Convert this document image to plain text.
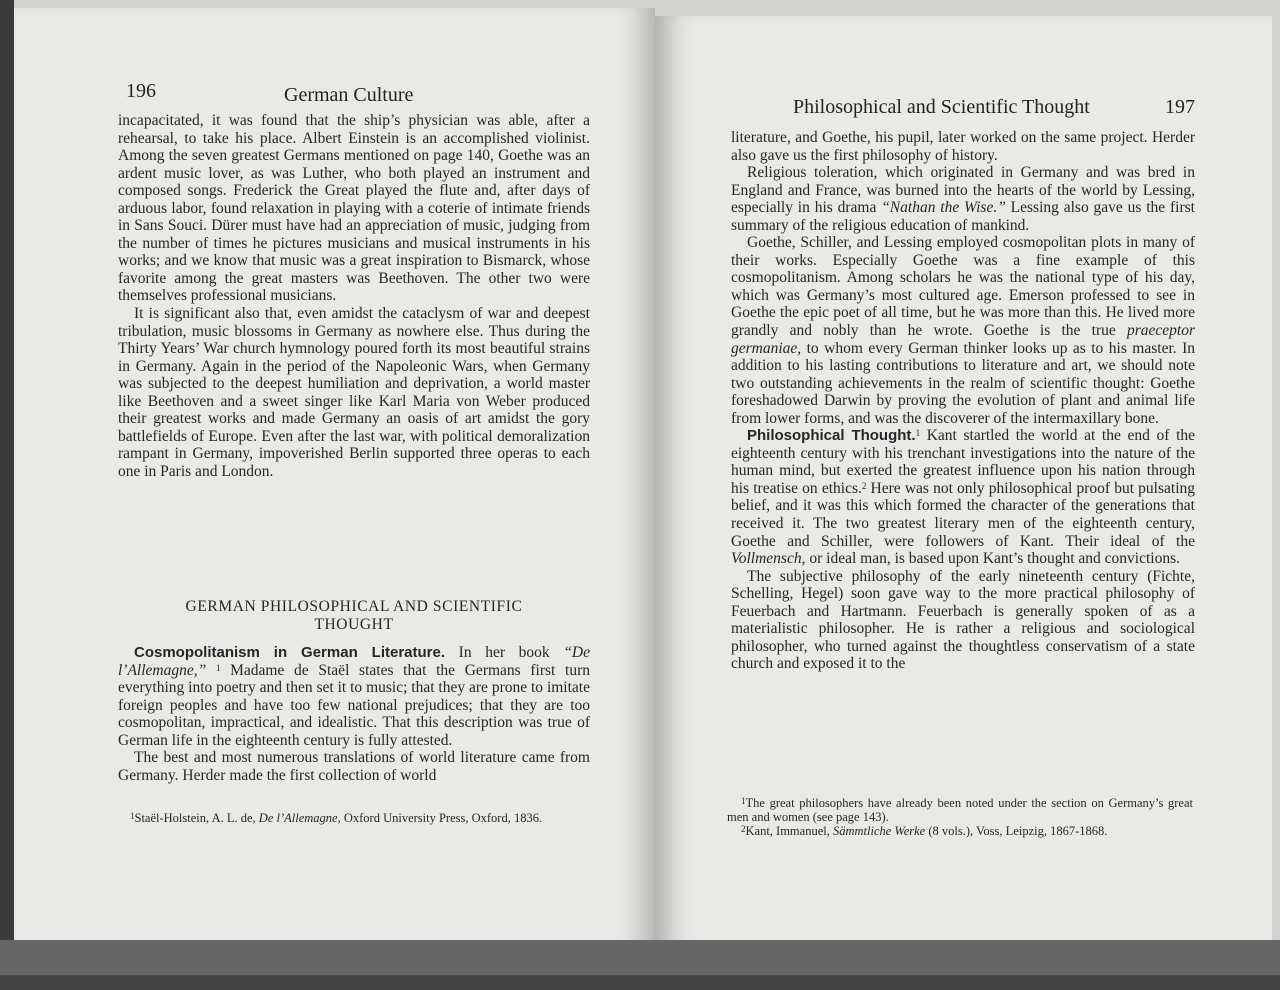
196	German Culture

incapacitated, it was found that the ship’s physician was able, after a rehearsal, to take his place. Albert Einstein is an accomplished violinist. Among the seven greatest Germans mentioned on page 140, Goethe was an ardent music lover, as was Luther, who both played an instrument and composed songs. Frederick the Great played the flute and, after days of arduous labor, found relaxation in playing with a coterie of intimate friends in Sans Souci. Dürer must have had an appreciation of music, judging from the number of times he pictures musicians and musical instruments in his works; and we know that music was a great inspiration to Bismarck, whose favorite among the great masters was Beethoven. The other two were themselves professional musicians.

It is significant also that, even amidst the cataclysm of war and deepest tribulation, music blossoms in Germany as nowhere else. Thus during the Thirty Years’ War church hymnology poured forth its most beautiful strains in Germany. Again in the period of the Napoleonic Wars, when Germany was subjected to the deepest humiliation and deprivation, a world master like Beethoven and a sweet singer like Karl Maria von Weber produced their greatest works and made Germany an oasis of art amidst the gory battlefields of Europe. Even after the last war, with political demoralization rampant in Germany, impoverished Berlin supported three operas to each one in Paris and London.

GERMAN PHILOSOPHICAL AND SCIENTIFIC
THOUGHT

Cosmopolitanism in German Literature. In her book “De l’Allemagne,” $^1$ Madame de Staël states that the Germans first turn everything into poetry and then set it to music; that they are prone to imitate foreign peoples and have too few national prejudices; that they are too cosmopolitan, impractical, and idealistic. That this description was true of German life in the eighteenth century is fully attested.

The best and most numerous translations of world literature came from Germany. Herder made the first collection of world

$^1$Staël-Holstein, A. L. de, De l’Allemagne, Oxford University Press, Oxford, 1836.

Philosophical and Scientific Thought	197

literature, and Goethe, his pupil, later worked on the same project. Herder also gave us the first philosophy of history.

Religious toleration, which originated in Germany and was bred in England and France, was burned into the hearts of the world by Lessing, especially in his drama “Nathan the Wise.” Lessing also gave us the first summary of the religious education of mankind.

Goethe, Schiller, and Lessing employed cosmopolitan plots in many of their works. Especially Goethe was a fine example of this cosmopolitanism. Among scholars he was the national type of his day, which was Germany’s most cultured age. Emerson professed to see in Goethe the epic poet of all time, but he was more than this. He lived more grandly and nobly than he wrote. Goethe is the true praeceptor germaniae, to whom every German thinker looks up as to his master. In addition to his lasting contributions to literature and art, we should note two outstanding achievements in the realm of scientific thought: Goethe foreshadowed Darwin by proving the evolution of plant and animal life from lower forms, and was the discoverer of the intermaxillary bone.

Philosophical Thought.$^1$ Kant startled the world at the end of the eighteenth century with his trenchant investigations into the nature of the human mind, but exerted the greatest influence upon his nation through his treatise on ethics.$^2$ Here was not only philosophical proof but pulsating belief, and it was this which formed the character of the generations that received it. The two greatest literary men of the eighteenth century, Goethe and Schiller, were followers of Kant. Their ideal of the Vollmensch, or ideal man, is based upon Kant’s thought and convictions.

The subjective philosophy of the early nineteenth century (Fichte, Schelling, Hegel) soon gave way to the more practical philosophy of Feuerbach and Hartmann. Feuerbach is generally spoken of as a materialistic philosopher. He is rather a religious and sociological philosopher, who turned against the thoughtless conservatism of a state church and exposed it to the

$^1$The great philosophers have already been noted under the section on Germany’s great men and women (see page 143).

$^2$Kant, Immanuel, Sämmtliche Werke (8 vols.), Voss, Leipzig, 1867-1868.
